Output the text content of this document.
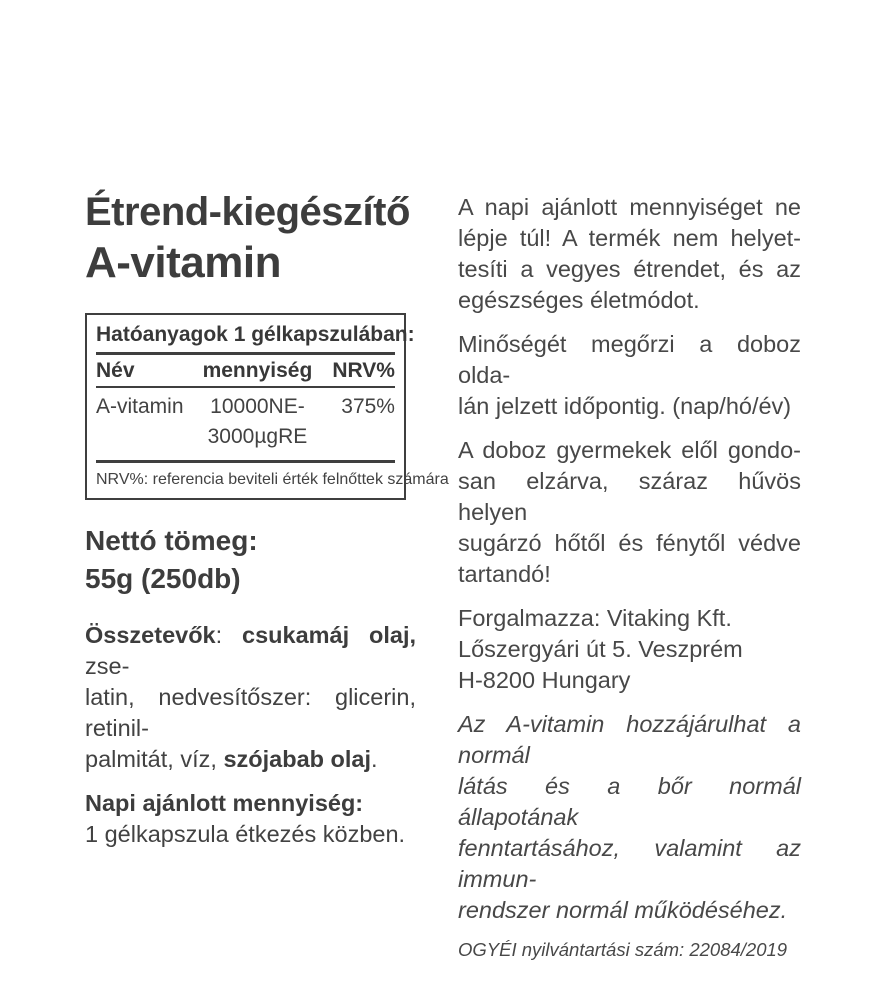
Étrend-kiegészítő
A-vitamin
Hatóanyagok 1 gélkapszulában:
Név	mennyiség NRV%
A-vitamin	10000NE-
3000µgRE
375%
NRV%: referencia beviteli érték felnőttek számára
Nettó tömeg:
55g (250db)
Összetevők: csukamáj olaj, zse-
latin, nedvesítőszer: glicerin, retinil-
palmitát, víz, szójabab olaj.
Napi ajánlott mennyiség:
1 gélkapszula étkezés közben.
A napi ajánlott mennyiséget ne
lépje túl! A termék nem helyet-
tesíti a vegyes étrendet, és az
egészséges életmódot.
Minőségét megőrzi a doboz olda-
lán jelzett időpontig. (nap/hó/év)
A doboz gyermekek elől gondo-
san elzárva, száraz hűvös helyen
sugárzó hőtől és fénytől védve
tartandó!
Forgalmazza: Vitaking Kft.
Lőszergyári út 5. Veszprém
H-8200 Hungary
Az A-vitamin hozzájárulhat a normál
látás és a bőr normál állapotának
fenntartásához, valamint az immun-
rendszer normál működéséhez.
OGYÉI nyilvántartási szám: 22084/2019
